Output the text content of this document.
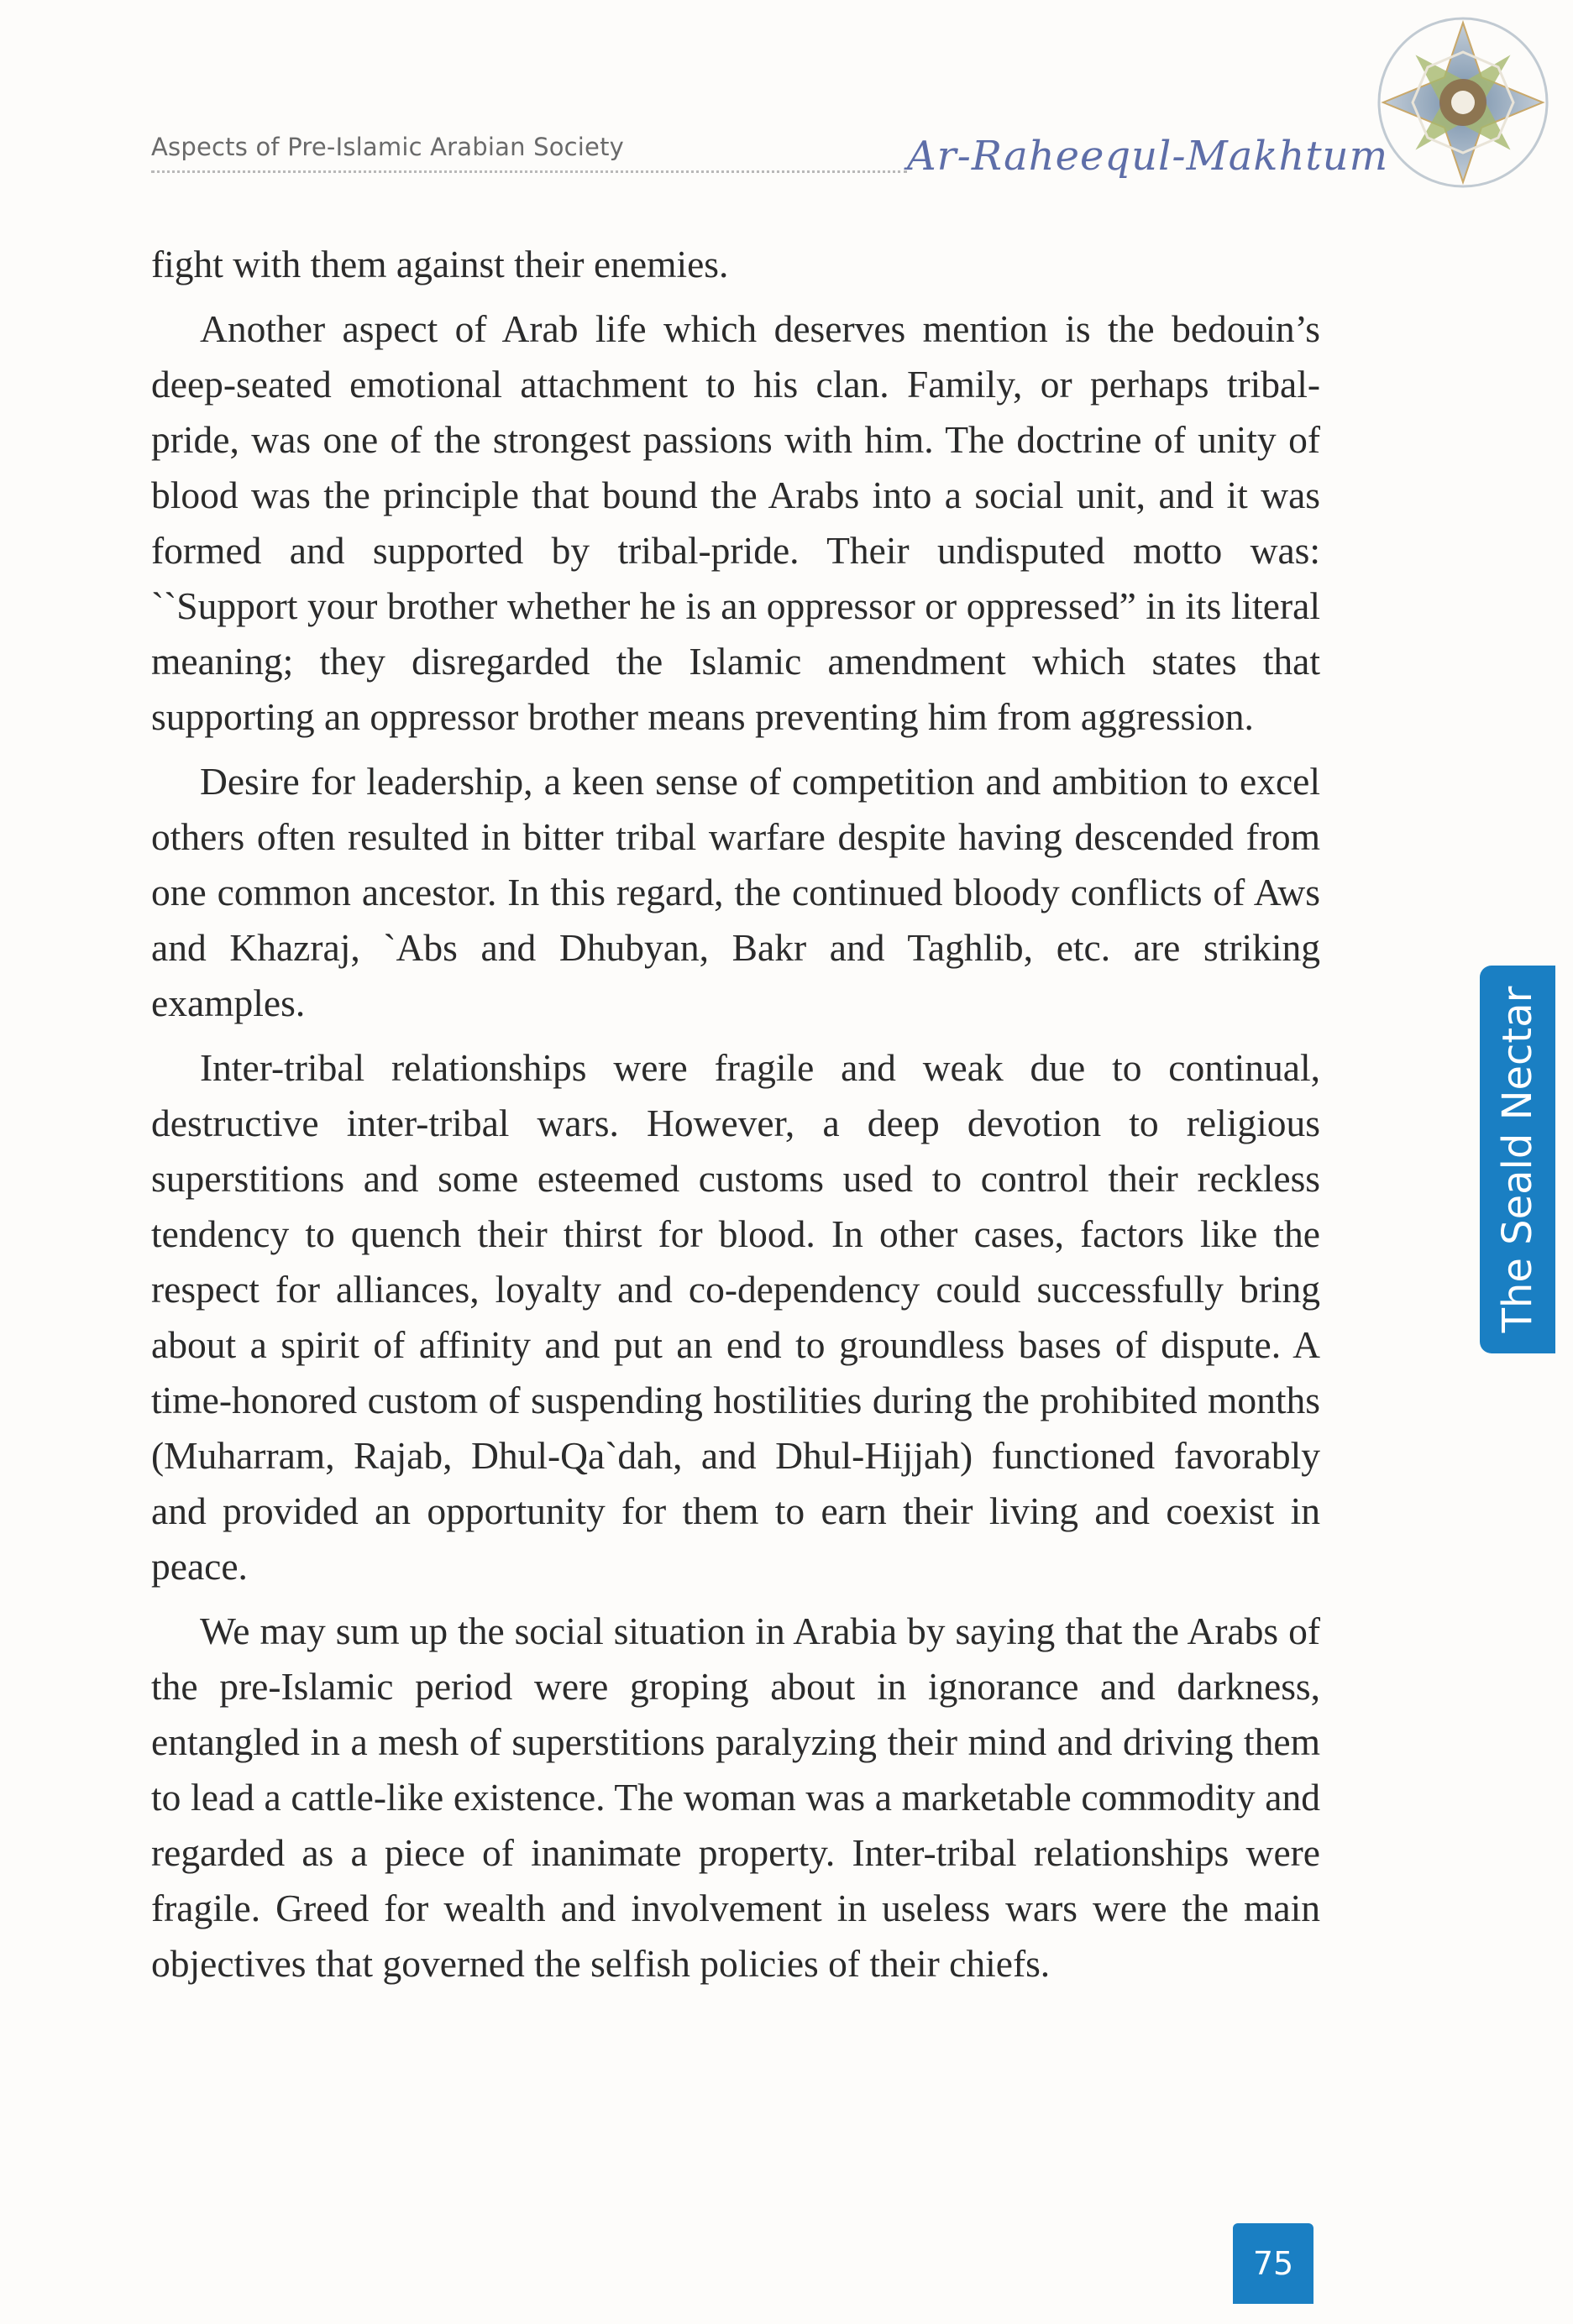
Aspects of Pre-Islamic Arabian Society	Ar-Raheequl-Makhtum

fight with them against their enemies.

Another aspect of Arab life which deserves mention is the bedouin’s deep-seated emotional attachment to his clan. Family, or perhaps tribal-pride, was one of the strongest passions with him. The doctrine of unity of blood was the principle that bound the Arabs into a social unit, and it was formed and supported by tribal-pride. Their undisputed motto was: ``Support your brother whether he is an oppressor or oppressed” in its literal meaning; they disregarded the Islamic amendment which states that supporting an oppressor brother means preventing him from aggression.

Desire for leadership, a keen sense of competition and ambition to excel others often resulted in bitter tribal warfare despite having descended from one common ancestor. In this regard, the continued bloody conflicts of Aws and Khazraj, `Abs and Dhubyan, Bakr and Taghlib, etc. are striking examples.

Inter-tribal relationships were fragile and weak due to continual, destructive inter-tribal wars. However, a deep devotion to religious superstitions and some esteemed customs used to control their reckless tendency to quench their thirst for blood. In other cases, factors like the respect for alliances, loyalty and co-dependency could successfully bring about a spirit of affinity and put an end to groundless bases of dispute. A time-honored custom of suspending hostilities during the prohibited months (Muharram, Rajab, Dhul-Qa`dah, and Dhul-Hijjah) functioned favorably and provided an opportunity for them to earn their living and coexist in peace.

We may sum up the social situation in Arabia by saying that the Arabs of the pre-Islamic period were groping about in ignorance and darkness, entangled in a mesh of superstitions paralyzing their mind and driving them to lead a cattle-like existence. The woman was a marketable commodity and regarded as a piece of inanimate property. Inter-tribal relationships were fragile. Greed for wealth and involvement in useless wars were the main objectives that governed the selfish policies of their chiefs.

The Seald Nectar
75
